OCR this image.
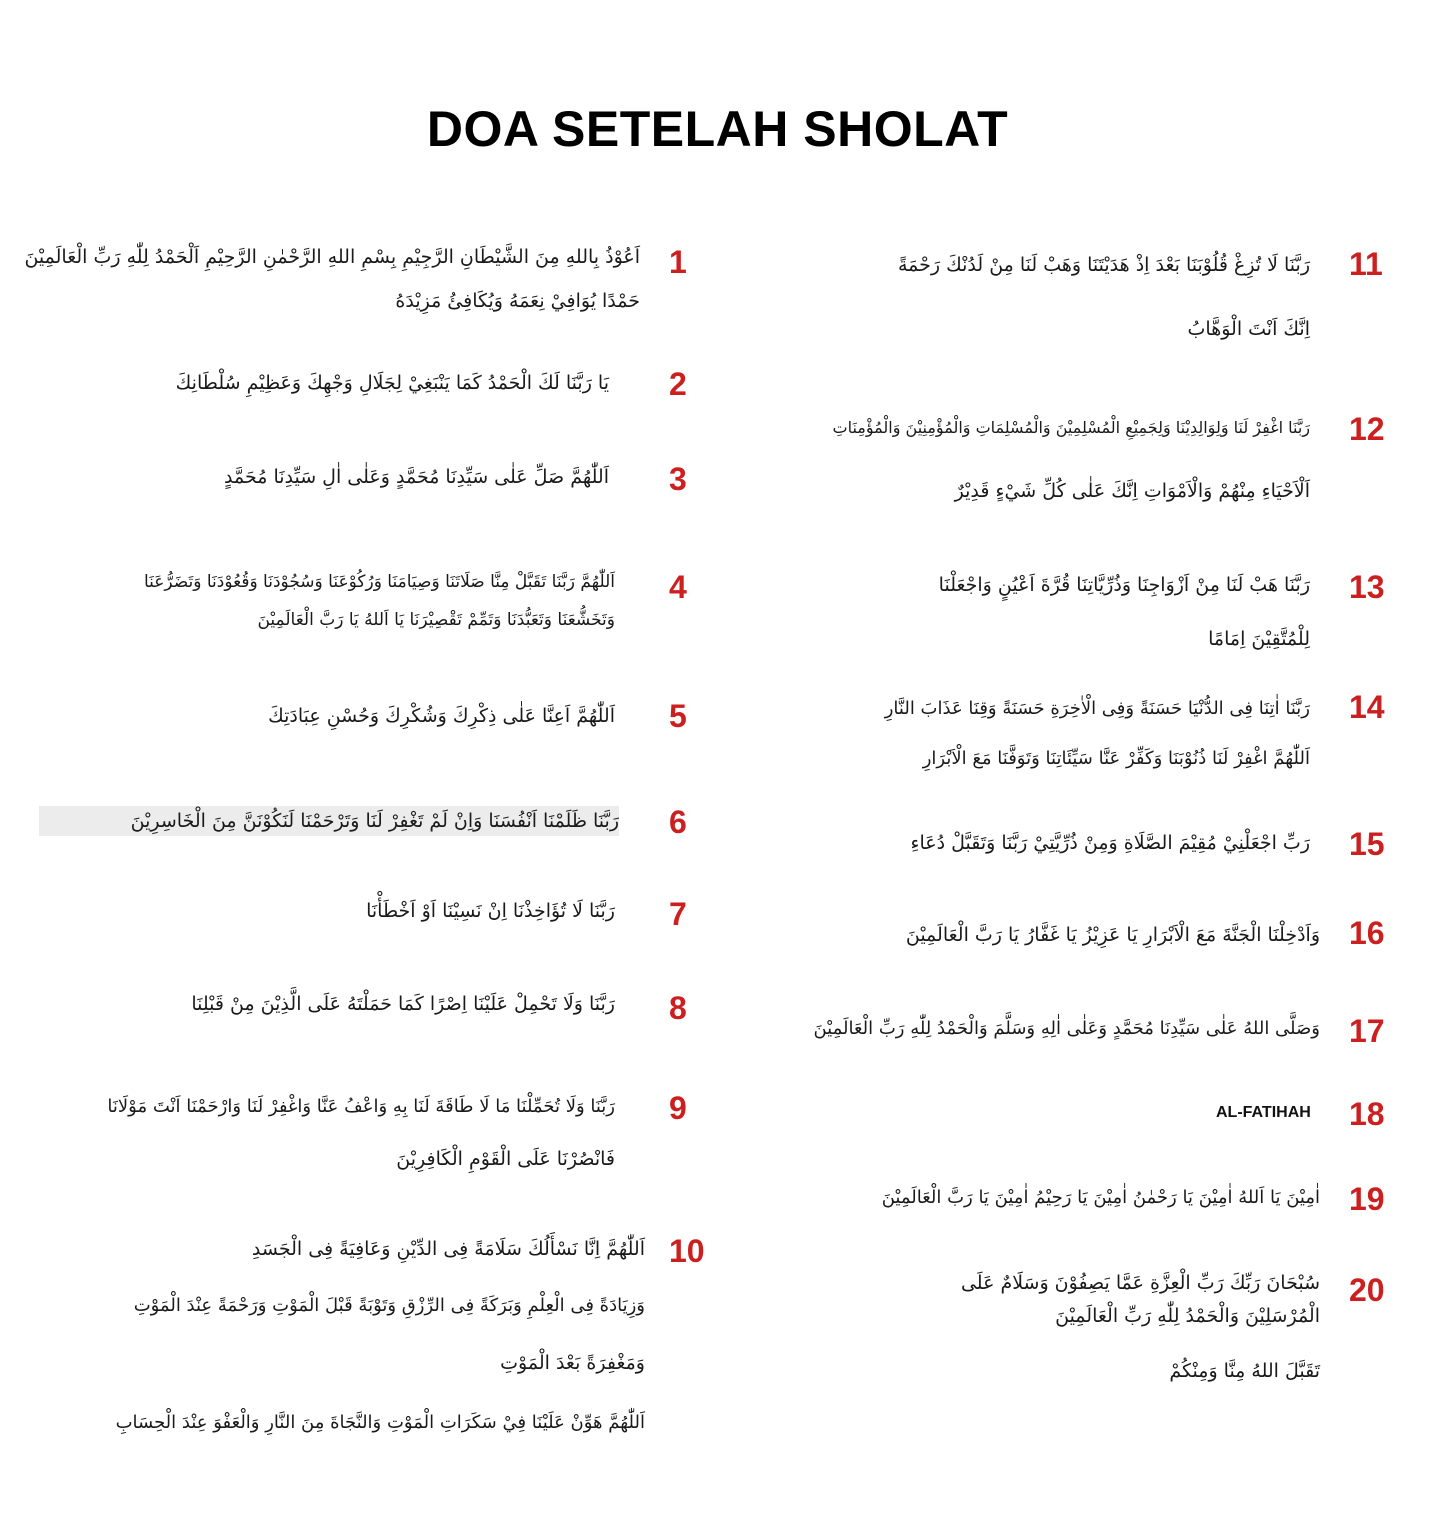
DOA SETELAH SHOLAT
1
اَعُوْذُ بِاللهِ مِنَ الشَّيْطَانِ الرَّجِيْمِ بِسْمِ اللهِ الرَّحْمٰنِ الرَّحِيْمِ اَلْحَمْدُ لِلّٰهِ رَبِّ الْعَالَمِيْنَ
حَمْدًا يُوَافِيْ نِعَمَهُ وَيُكَافِئُ مَزِيْدَهُ
2
يَا رَبَّنَا لَكَ الْحَمْدُ كَمَا يَنْبَغِيْ لِجَلَالِ وَجْهِكَ وَعَظِيْمِ سُلْطَانِكَ
3
اَللّٰهُمَّ صَلِّ عَلٰى سَيِّدِنَا مُحَمَّدٍ وَعَلٰى اٰلِ سَيِّدِنَا مُحَمَّدٍ
4
اَللّٰهُمَّ رَبَّنَا تَقَبَّلْ مِنَّا صَلَاتَنَا وَصِيَامَنَا وَرُكُوْعَنَا وَسُجُوْدَنَا وَقُعُوْدَنَا وَتَضَرُّعَنَا
وَتَخَشُّعَنَا وَتَعَبُّدَنَا وَتَمِّمْ تَقْصِيْرَنَا يَا اَللهُ يَا رَبَّ الْعَالَمِيْنَ
5
اَللّٰهُمَّ اَعِنَّا عَلٰى ذِكْرِكَ وَشُكْرِكَ وَحُسْنِ عِبَادَتِكَ
6
رَبَّنَا ظَلَمْنَا اَنْفُسَنَا وَاِنْ لَمْ تَغْفِرْ لَنَا وَتَرْحَمْنَا لَنَكُوْنَنَّ مِنَ الْخَاسِرِيْنَ
7
رَبَّنَا لَا تُؤَاخِذْنَا اِنْ نَسِيْنَا اَوْ اَخْطَأْنَا
8
رَبَّنَا وَلَا تَحْمِلْ عَلَيْنَا اِصْرًا كَمَا حَمَلْتَهُ عَلَى الَّذِيْنَ مِنْ قَبْلِنَا
9
رَبَّنَا وَلَا تُحَمِّلْنَا مَا لَا طَاقَةَ لَنَا بِهِ وَاعْفُ عَنَّا وَاغْفِرْ لَنَا وَارْحَمْنَا اَنْتَ مَوْلَانَا
فَانْصُرْنَا عَلَى الْقَوْمِ الْكَافِرِيْنَ
10
اَللّٰهُمَّ اِنَّا نَسْأَلُكَ سَلَامَةً فِى الدِّيْنِ وَعَافِيَةً فِى الْجَسَدِ
وَزِيَادَةً فِى الْعِلْمِ وَبَرَكَةً فِى الرِّزْقِ وَتَوْبَةً قَبْلَ الْمَوْتِ وَرَحْمَةً عِنْدَ الْمَوْتِ
وَمَغْفِرَةً بَعْدَ الْمَوْتِ
اَللّٰهُمَّ هَوِّنْ عَلَيْنَا فِيْ سَكَرَاتِ الْمَوْتِ وَالنَّجَاةَ مِنَ النَّارِ وَالْعَفْوَ عِنْدَ الْحِسَابِ
11
رَبَّنَا لَا تُزِغْ قُلُوْبَنَا بَعْدَ اِذْ هَدَيْتَنَا وَهَبْ لَنَا مِنْ لَدُنْكَ رَحْمَةً
اِنَّكَ اَنْتَ الْوَهَّابُ
12
رَبَّنَا اغْفِرْ لَنَا وَلِوَالِدِيْنَا وَلِجَمِيْعِ الْمُسْلِمِيْنَ وَالْمُسْلِمَاتِ وَالْمُؤْمِنِيْنَ وَالْمُؤْمِنَاتِ
اَلْاَحْيَاءِ مِنْهُمْ وَالْاَمْوَاتِ اِنَّكَ عَلٰى كُلِّ شَيْءٍ قَدِيْرٌ
13
رَبَّنَا هَبْ لَنَا مِنْ اَزْوَاجِنَا وَذُرِّيَّاتِنَا قُرَّةَ اَعْيُنٍ وَاجْعَلْنَا
لِلْمُتَّقِيْنَ اِمَامًا
14
رَبَّنَا اٰتِنَا فِى الدُّنْيَا حَسَنَةً وَفِى الْاٰخِرَةِ حَسَنَةً وَقِنَا عَذَابَ النَّارِ
اَللّٰهُمَّ اغْفِرْ لَنَا ذُنُوْبَنَا وَكَفِّرْ عَنَّا سَيِّئَاتِنَا وَتَوَفَّنَا مَعَ الْاَبْرَارِ
15
رَبِّ اجْعَلْنِيْ مُقِيْمَ الصَّلَاةِ وَمِنْ ذُرِّيَّتِيْ رَبَّنَا وَتَقَبَّلْ دُعَاءِ
16
وَاَدْخِلْنَا الْجَنَّةَ مَعَ الْاَبْرَارِ يَا عَزِيْزُ يَا غَفَّارُ يَا رَبَّ الْعَالَمِيْنَ
17
وَصَلَّى اللهُ عَلٰى سَيِّدِنَا مُحَمَّدٍ وَعَلٰى اٰلِهِ وَسَلَّمَ وَالْحَمْدُ لِلّٰهِ رَبِّ الْعَالَمِيْنَ
18
AL-FATIHAH
19
اٰمِيْنَ يَا اَللهُ اٰمِيْنَ يَا رَحْمٰنُ اٰمِيْنَ يَا رَحِيْمُ اٰمِيْنَ يَا رَبَّ الْعَالَمِيْنَ
20
سُبْحَانَ رَبِّكَ رَبِّ الْعِزَّةِ عَمَّا يَصِفُوْنَ وَسَلَامٌ عَلَى
الْمُرْسَلِيْنَ وَالْحَمْدُ لِلّٰهِ رَبِّ الْعَالَمِيْنَ
تَقَبَّلَ اللهُ مِنَّا وَمِنْكُمْ
